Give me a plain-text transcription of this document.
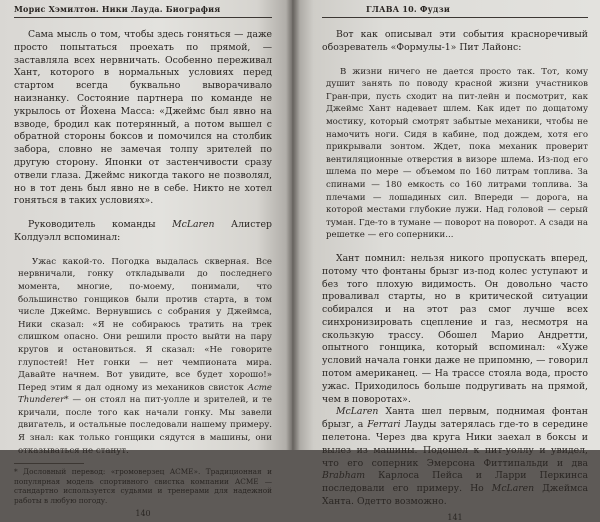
Морис Хэмилтон. Ники Лауда. Биография

Сама мысль о том, чтобы здесь гоняться — даже просто попытаться проехать по прямой, — заставляла всех нервничать. Особенно переживал Хант, которого в нормальных условиях перед стартом всегда буквально выворачивало наизнанку. Состояние партнера по команде не укрылось от Йохена Масса: «Джеймс был явно на взводе, бродил как потерянный, а потом вышел с обратной стороны боксов и помочился на столбик забора, словно не замечая толпу зрителей по другую сторону. Японки от застенчивости сразу отвели глаза. Джеймс никогда такого не позволял, но в тот день был явно не в себе. Никто не хотел гоняться в таких условиях».

Руководитель команды McLaren Алистер Колдуэлл вспоминал:

Ужас какой-то. Погодка выдалась скверная. Все нервничали, гонку откладывали до последнего момента, многие, по-моему, понимали, что большинство гонщиков были против старта, в том числе Джеймс. Вернувшись с собрания у Джеймса, Ники сказал: «Я не собираюсь тратить на трек слишком опасно. Они решили просто выйти на пару кругов и остановиться. Я сказал: «Не говорите глупостей! Нет гонки — нет чемпионата мира. Давайте начнем. Вот увидите, все будет хорошо!» Перед этим я дал одному из механиков свисток Acme Thunderer* — он стоял на пит-уолле и зрителей, и те кричали, после того как начали гонку. Мы завели двигатель, и остальные последовали нашему примеру. Я знал: как только гонщики сядутся в машины, они отказываться не станут.

* Дословный перевод: «громоверзец ACME». Традиционная и популярная модель спортивного свистка компании ACME — стандартно используется судьями и тренерами для надежной работы в любую погоду.
140
ГЛАВА 10. Фудзи

Вот как описывал эти события красноречивый обозреватель «Формулы-1» Пит Лайонс:

В жизни ничего не дается просто так. Тот, кому душит занять по поводу красной жизни участников Гран-при, пусть сходит на пит-лейн и посмотрит, как Джеймс Хант надевает шлем. Как идет по дощатому мостику, который смотрят забытые механики, чтобы не намочить ноги. Сидя в кабине, под дождем, хотя его прикрывали зонтом. Ждет, пока механик проверит вентиляционные отверстия в визоре шлема. Из-под его шлема по мере — объемом по 160 литрам топлива. За спинами — 180 емкость со 160 литрами топлива. За плечами — лошадиных сил. Впереди — дорога, на которой местами глубокие лужи. Над головой — серый туман. Где-то в тумане — поворот на поворот. А сзади на решетке — его соперники...

Хант помнил: нельзя никого пропускать вперед, потому что фонтаны брызг из-под колес уступают и без того плохую видимость. Он довольно часто проваливал старты, но в критической ситуации собирался и на этот раз смог лучше всех синхронизировать сцепление и газ, несмотря на скользкую трассу. Обошел Марио Андретти, опытного гонщика, который вспоминал: «Хуже условий начала гонки даже не припомню, — говорил потом американец. — На трассе стояла вода, просто ужас. Приходилось больше подругивать на прямой, чем в поворотах».

McLaren Ханта шел первым, поднимая фонтан брызг, а Ferrari Лауды затерялась где-то в середине пелетона. Через два круга Ники заехал в боксы и вылез из машины. Подошел к пит-уоллу и увидел, что его соперник Эмерсона Фиттипальди и два Brabham Карлоса Пейса и Ларри Перкинса последовали его примеру. Но McLaren Джеймса Ханта. Одетто возможно.

141
